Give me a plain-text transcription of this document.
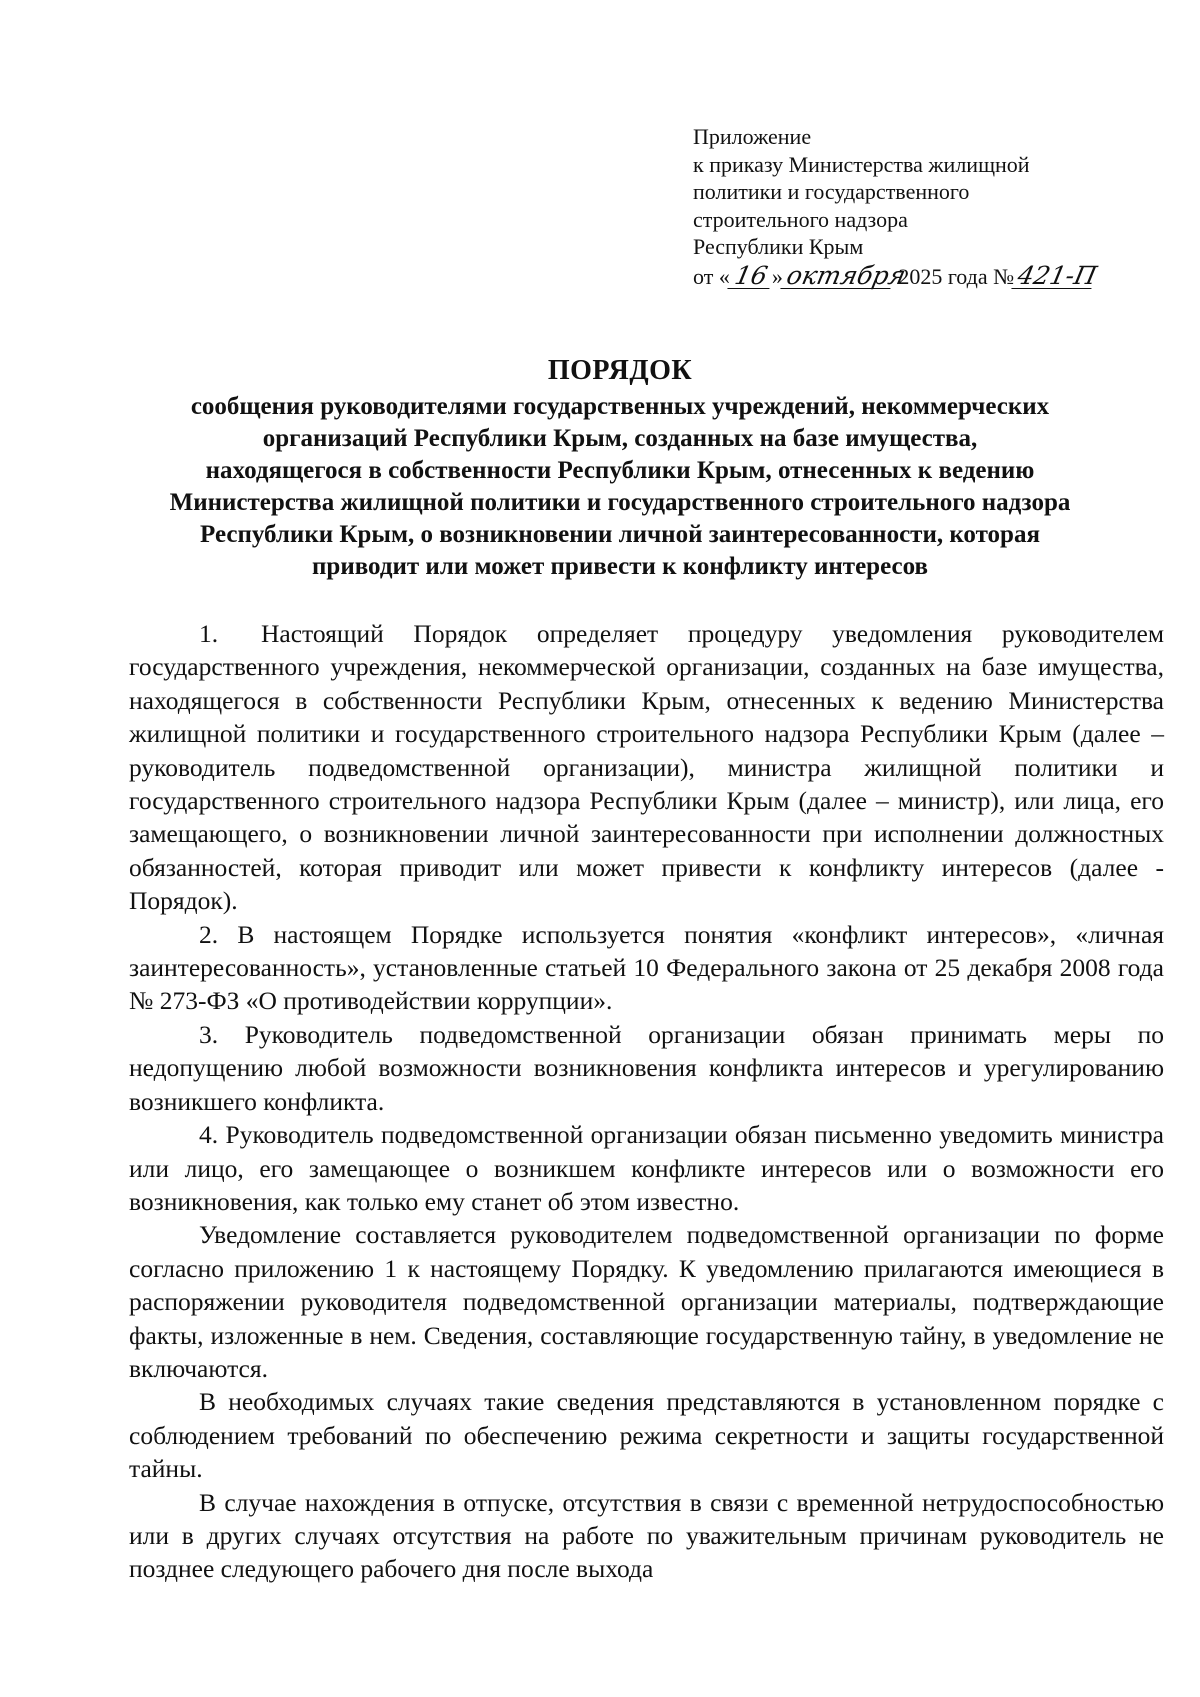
Приложение
к приказу Министерства жилищной
политики и государственного
строительного надзора
Республики Крым
от «16»октября 2025 года №421-П
ПОРЯДОК
сообщения руководителями государственных учреждений, некоммерческих
организаций Республики Крым, созданных на базе имущества,
находящегося в собственности Республики Крым, отнесенных к ведению
Министерства жилищной политики и государственного строительного надзора
Республики Крым, о возникновении личной заинтересованности, которая
приводит или может привести к конфликту интересов

1. Настоящий Порядок определяет процедуру уведомления руководителем государственного учреждения, некоммерческой организации, созданных на базе имущества, находящегося в собственности Республики Крым, отнесенных к ведению Министерства жилищной политики и государственного строительного надзора Республики Крым (далее – руководитель подведомственной организации), министра жилищной политики и государственного строительного надзора Республики Крым (далее – министр), или лица, его замещающего, о возникновении личной заинтересованности при исполнении должностных обязанностей, которая приводит или может привести к конфликту интересов (далее - Порядок).

2. В настоящем Порядке используется понятия «конфликт интересов», «личная заинтересованность», установленные статьей 10 Федерального закона от 25 декабря 2008 года № 273-ФЗ «О противодействии коррупции».

3. Руководитель подведомственной организации обязан принимать меры по недопущению любой возможности возникновения конфликта интересов и урегулированию возникшего конфликта.

4. Руководитель подведомственной организации обязан письменно уведомить министра или лицо, его замещающее о возникшем конфликте интересов или о возможности его возникновения, как только ему станет об этом известно.

Уведомление составляется руководителем подведомственной организации по форме согласно приложению 1 к настоящему Порядку. К уведомлению прилагаются имеющиеся в распоряжении руководителя подведомственной организации материалы, подтверждающие факты, изложенные в нем. Сведения, составляющие государственную тайну, в уведомление не включаются.

В необходимых случаях такие сведения представляются в установленном порядке с соблюдением требований по обеспечению режима секретности и защиты государственной тайны.

В случае нахождения в отпуске, отсутствия в связи с временной нетрудоспособностью или в других случаях отсутствия на работе по уважительным причинам руководитель не позднее следующего рабочего дня после выхода
